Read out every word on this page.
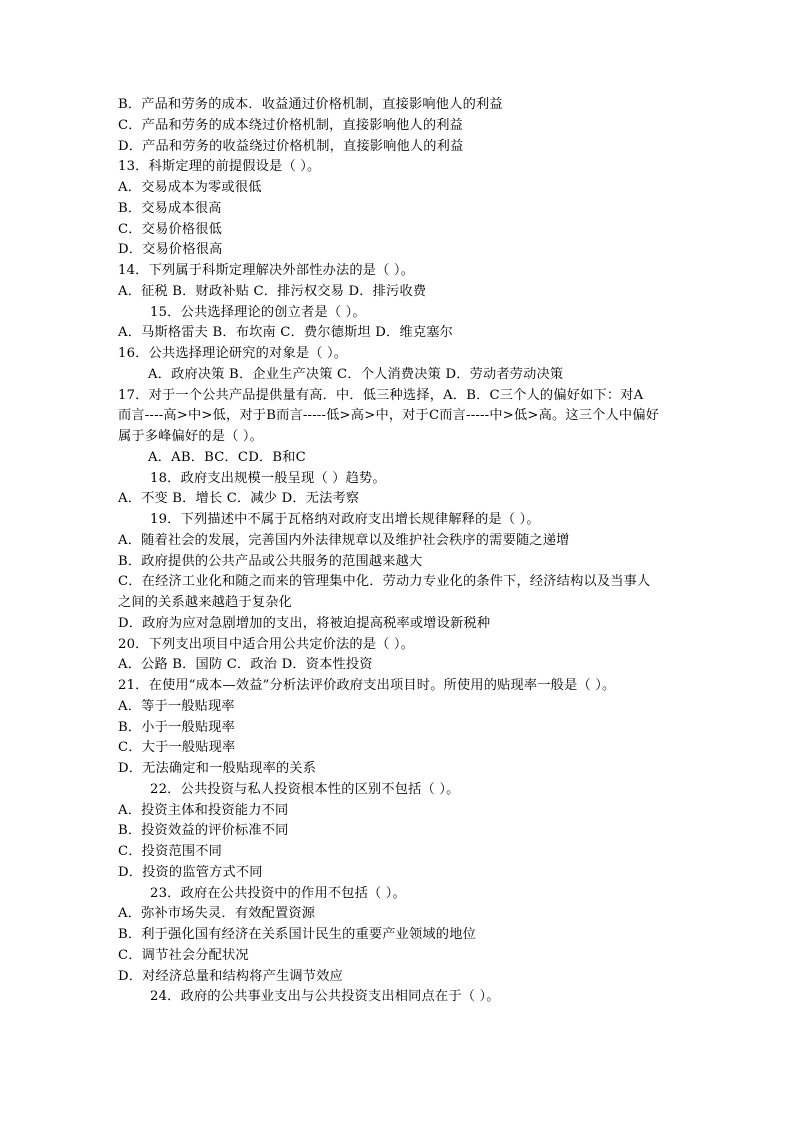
B．产品和劳务的成本．收益通过价格机制，直接影响他人的利益
C．产品和劳务的成本绕过价格机制，直接影响他人的利益
D．产品和劳务的收益绕过价格机制，直接影响他人的利益
13．科斯定理的前提假设是（ ）。
A．交易成本为零或很低
B．交易成本很高
C．交易价格很低
D．交易价格很高
14．下列属于科斯定理解决外部性办法的是（ ）。
A．征税 B．财政补贴 C．排污权交易 D．排污收费
15．公共选择理论的创立者是（ ）。
A．马斯格雷夫 B．布坎南 C．费尔德斯坦 D．维克塞尔
16．公共选择理论研究的对象是（ ）。
A．政府决策 B．企业生产决策 C．个人消费决策 D．劳动者劳动决策
17．对于一个公共产品提供量有高．中．低三种选择，A．B．C三个人的偏好如下：对A
而言----高>中>低，对于B而言-----低>高>中，对于C而言-----中>低>高。这三个人中偏好
属于多峰偏好的是（ ）。
A．AB．BC．CD．B和C
18．政府支出规模一般呈现（ ）趋势。
A．不变 B．增长 C．减少 D．无法考察
19．下列描述中不属于瓦格纳对政府支出增长规律解释的是（ ）。
A．随着社会的发展，完善国内外法律规章以及维护社会秩序的需要随之递增
B．政府提供的公共产品或公共服务的范围越来越大
C．在经济工业化和随之而来的管理集中化．劳动力专业化的条件下，经济结构以及当事人
之间的关系越来越趋于复杂化
D．政府为应对急剧增加的支出，将被迫提高税率或增设新税种
20．下列支出项目中适合用公共定价法的是（ ）。
A．公路 B．国防 C．政治 D．资本性投资
21．在使用“成本—效益”分析法评价政府支出项目时。所使用的贴现率一般是（ ）。
A．等于一般贴现率
B．小于一般贴现率
C．大于一般贴现率
D．无法确定和一般贴现率的关系
22．公共投资与私人投资根本性的区别不包括（ ）。
A．投资主体和投资能力不同
B．投资效益的评价标准不同
C．投资范围不同
D．投资的监管方式不同
23．政府在公共投资中的作用不包括（ ）。
A．弥补市场失灵．有效配置资源
B．利于强化国有经济在关系国计民生的重要产业领域的地位
C．调节社会分配状况
D．对经济总量和结构将产生调节效应
24．政府的公共事业支出与公共投资支出相同点在于（ ）。
